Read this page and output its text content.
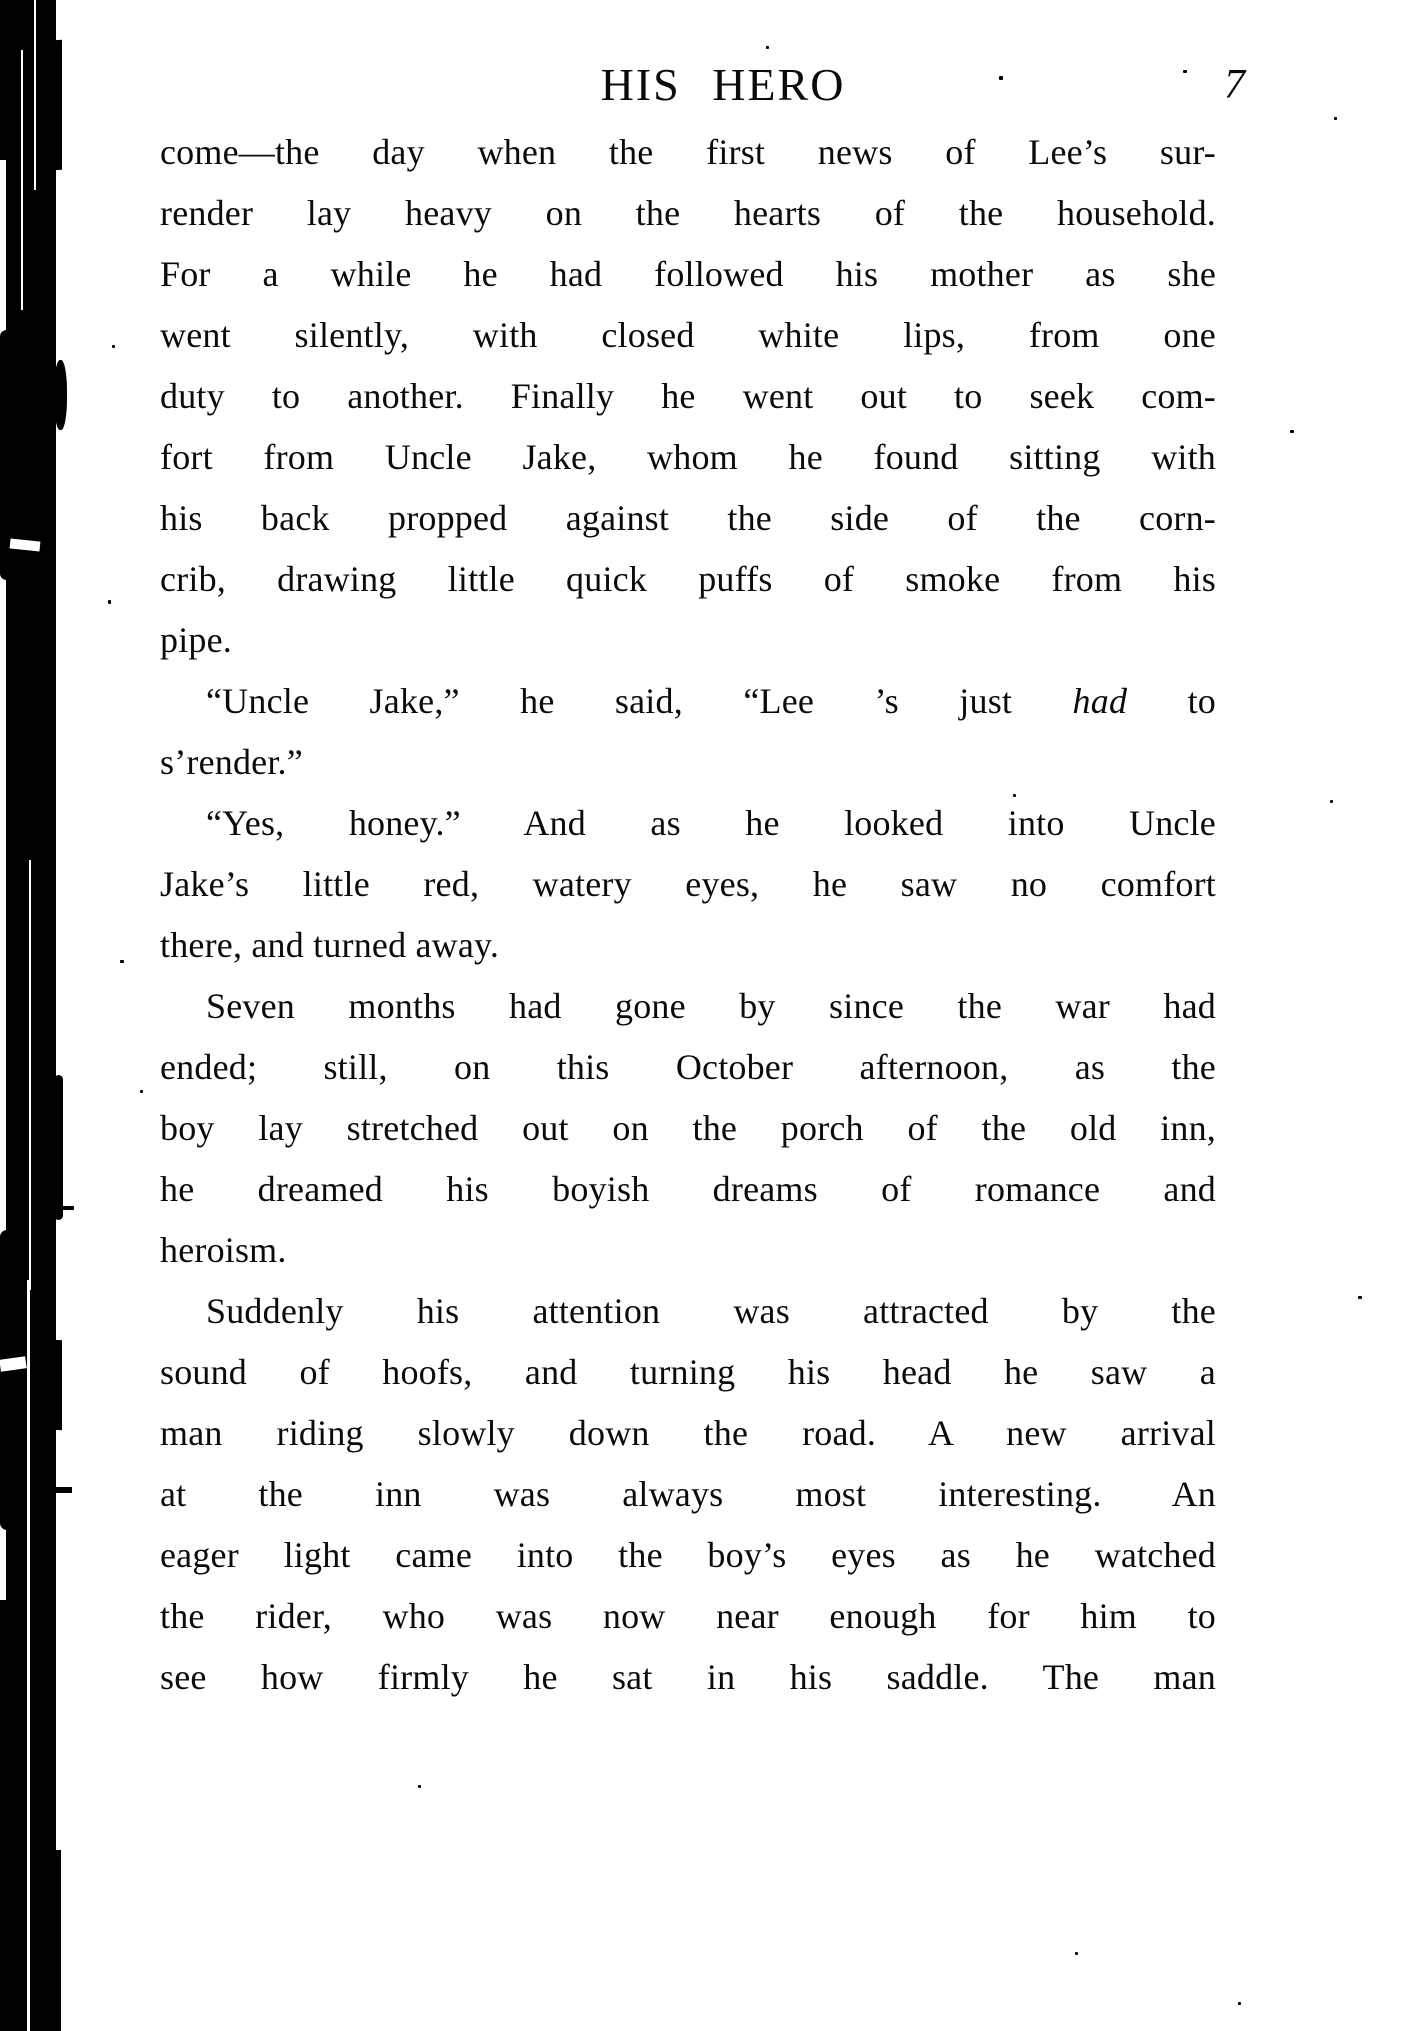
HIS HERO	7
come—the day when the first news of Lee’s sur-
render lay heavy on the hearts of the household.
For a while he had followed his mother as she
went silently, with closed white lips, from one
duty to another. Finally he went out to seek com-
fort from Uncle Jake, whom he found sitting with
his back propped against the side of the corn-
crib, drawing little quick puffs of smoke from his
pipe.
“Uncle Jake,” he said, “Lee ’s just had to
s’render.”
“Yes, honey.” And as he looked into Uncle
Jake’s little red, watery eyes, he saw no comfort
there, and turned away.
Seven months had gone by since the war had
ended; still, on this October afternoon, as the
boy lay stretched out on the porch of the old inn,
he dreamed his boyish dreams of romance and
heroism.
Suddenly his attention was attracted by the
sound of hoofs, and turning his head he saw a
man riding slowly down the road. A new arrival
at the inn was always most interesting. An
eager light came into the boy’s eyes as he watched
the rider, who was now near enough for him to
see how firmly he sat in his saddle. The man
